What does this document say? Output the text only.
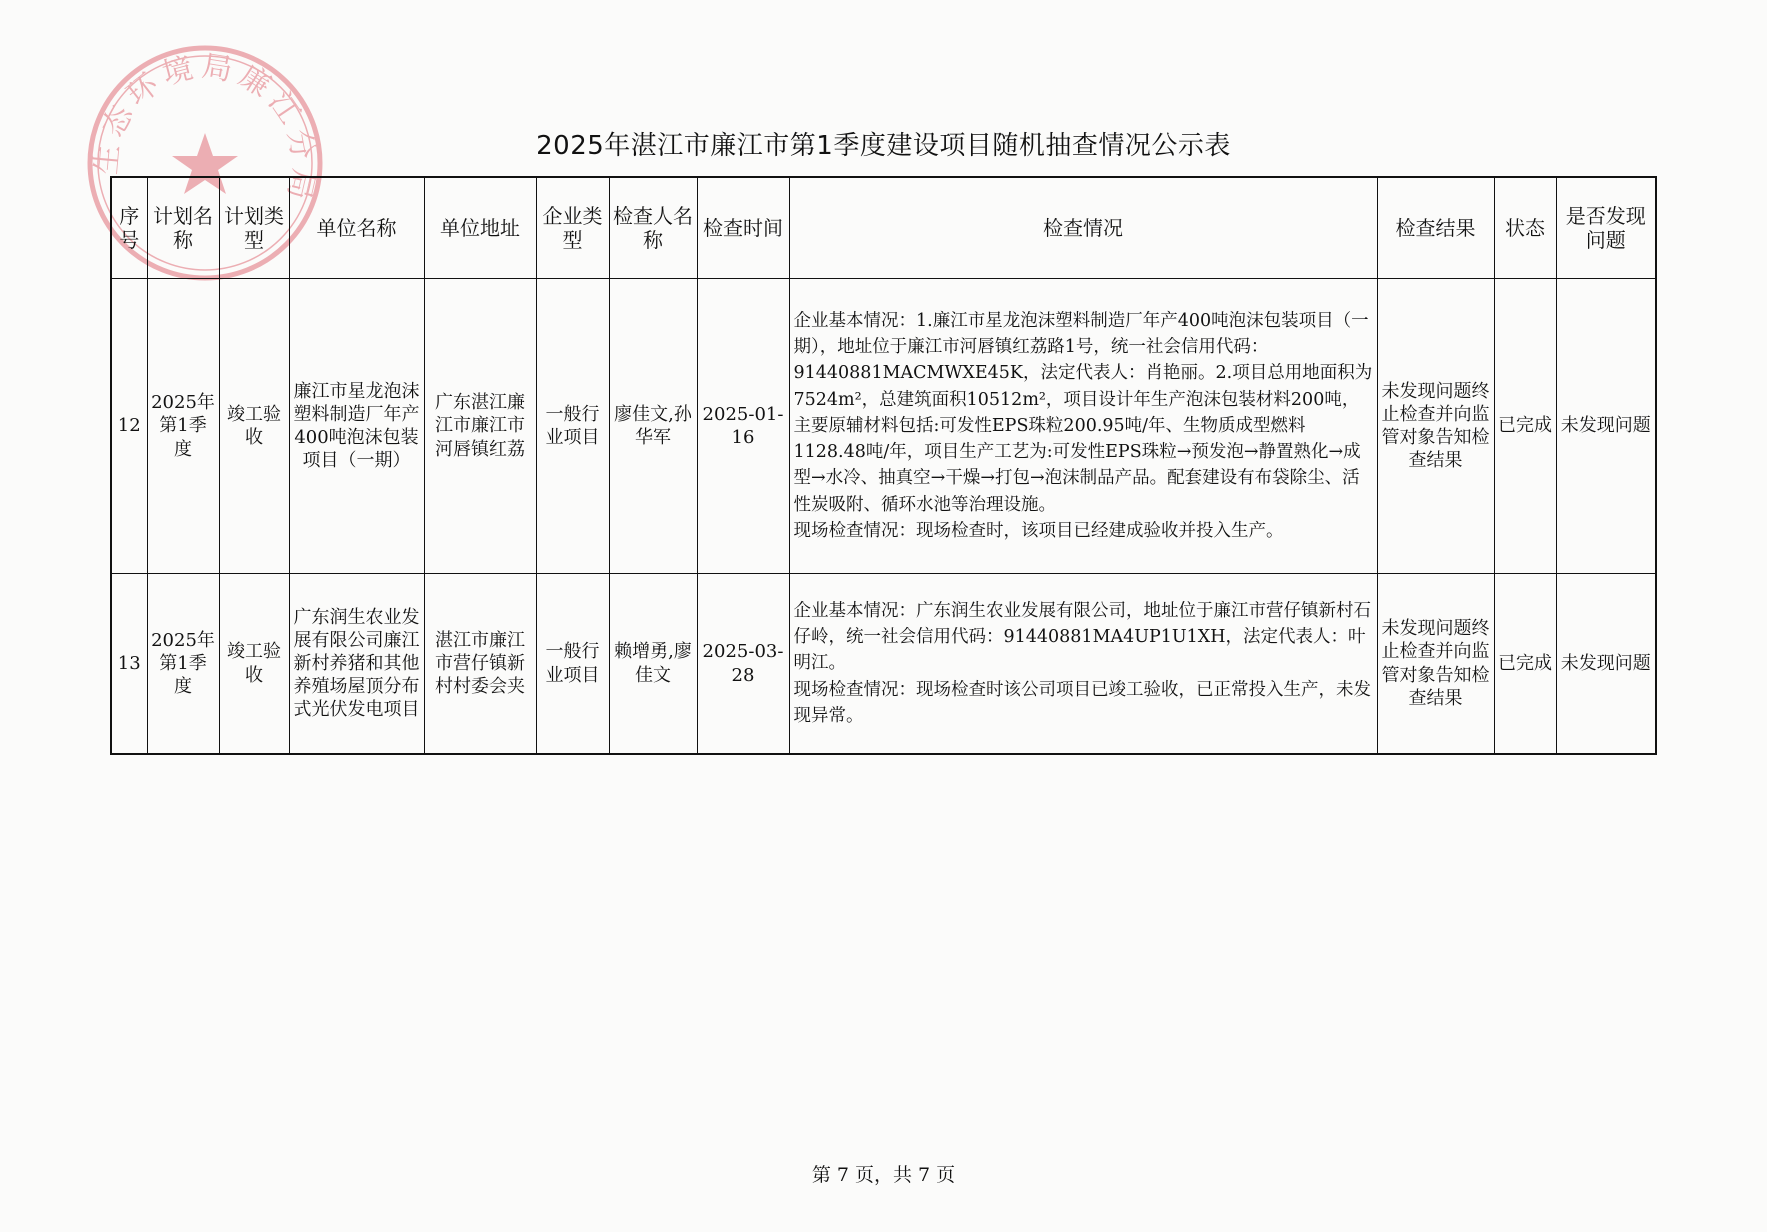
生态环境局廉江分局
2025年湛江市廉江市第1季度建设项目随机抽查情况公示表
序号	计划名称	计划类型	单位名称	单位地址	企业类型	检查人名称	检查时间	检查情况	检查结果	状态	是否发现问题
12	2025年第1季度	竣工验收	廉江市星龙泡沫塑料制造厂年产400吨泡沫包装项目（一期）	广东湛江廉江市廉江市河唇镇红荔	一般行业项目	廖佳文,孙华军	2025-01-16	企业基本情况：1.廉江市星龙泡沫塑料制造厂年产400吨泡沫包装项目（一期），地址位于廉江市河唇镇红荔路1号，统一社会信用代码：91440881MACMWXE45K，法定代表人：肖艳丽。2.项目总用地面积为7524m²，总建筑面积10512m²，项目设计年生产泡沫包装材料200吨，主要原辅材料包括:可发性EPS珠粒200.95吨/年、生物质成型燃料1128.48吨/年，项目生产工艺为:可发性EPS珠粒→预发泡→静置熟化→成型→水冷、抽真空→干燥→打包→泡沫制品产品。配套建设有布袋除尘、活性炭吸附、循环水池等治理设施。
现场检查情况：现场检查时，该项目已经建成验收并投入生产。	未发现问题终止检查并向监管对象告知检查结果	已完成	未发现问题
13	2025年第1季度	竣工验收	广东润生农业发展有限公司廉江新村养猪和其他养殖场屋顶分布式光伏发电项目	湛江市廉江市营仔镇新村村委会夹	一般行业项目	赖增勇,廖佳文	2025-03-28	企业基本情况：广东润生农业发展有限公司，地址位于廉江市营仔镇新村石仔岭，统一社会信用代码：91440881MA4UP1U1XH，法定代表人：叶明江。
现场检查情况：现场检查时该公司项目已竣工验收，已正常投入生产，未发现异常。	未发现问题终止检查并向监管对象告知检查结果	已完成	未发现问题
第 7 页，共 7 页
